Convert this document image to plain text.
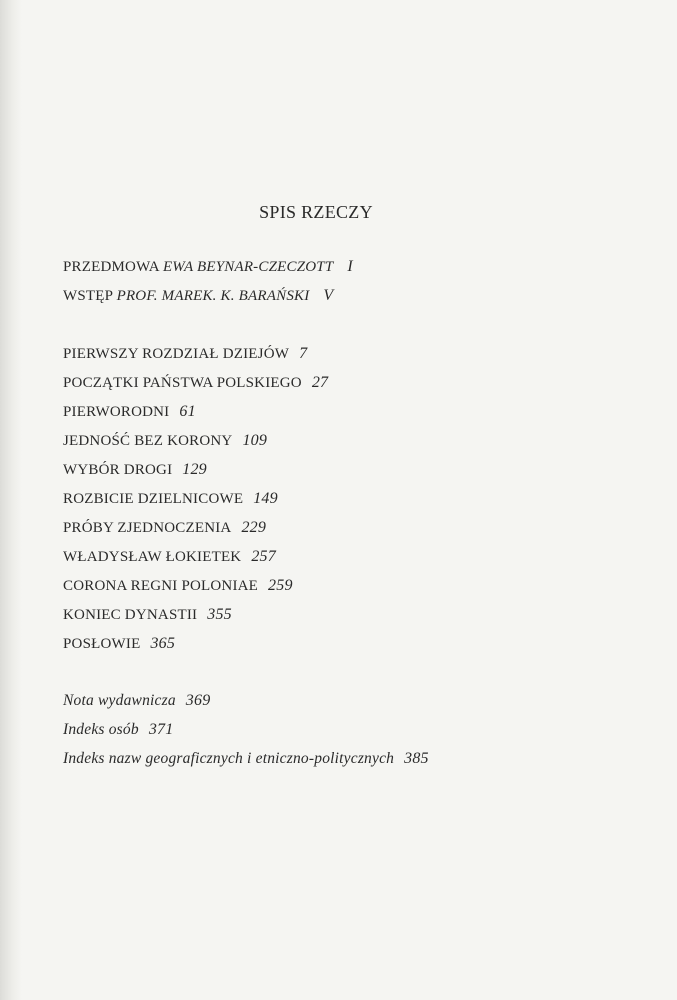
SPIS RZECZY
PRZEDMOWA EWA BEYNAR-CZECZOTT I
WSTĘP PROF. MAREK. K. BARAŃSKI V
PIERWSZY ROZDZIAŁ DZIEJÓW 7
POCZĄTKI PAŃSTWA POLSKIEGO 27
PIERWORODNI 61
JEDNOŚĆ BEZ KORONY 109
WYBÓR DROGI 129
ROZBICIE DZIELNICOWE 149
PRÓBY ZJEDNOCZENIA 229
WŁADYSŁAW ŁOKIETEK 257
CORONA REGNI POLONIAE 259
KONIEC DYNASTII 355
POSŁOWIE 365
Nota wydawnicza 369
Indeks osób 371
Indeks nazw geograficznych i etniczno-politycznych 385
